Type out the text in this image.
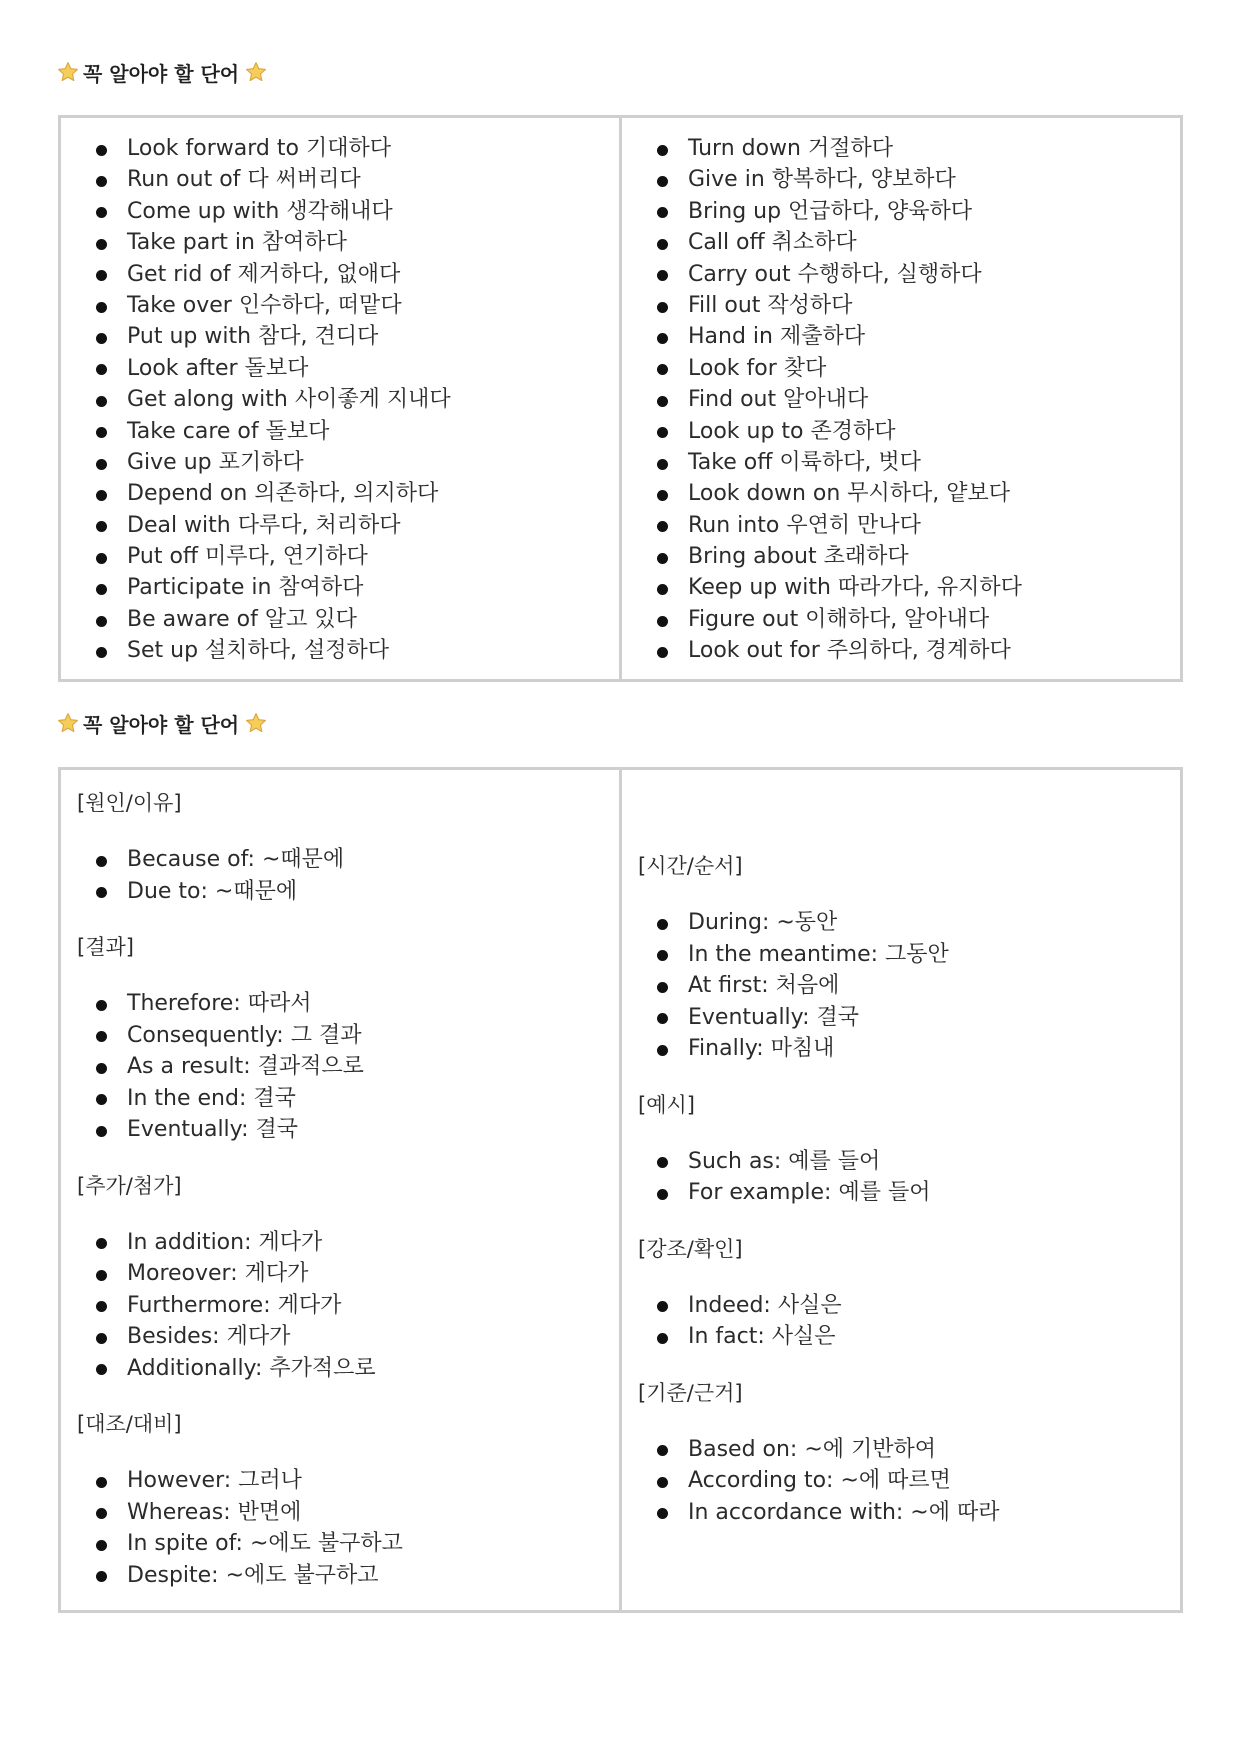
꼭 알아야 할 단어
Look forward to 기대하다
Run out of 다 써버리다
Come up with 생각해내다
Take part in 참여하다
Get rid of 제거하다, 없애다
Take over 인수하다, 떠맡다
Put up with 참다, 견디다
Look after 돌보다
Get along with 사이좋게 지내다
Take care of 돌보다
Give up 포기하다
Depend on 의존하다, 의지하다
Deal with 다루다, 처리하다
Put off 미루다, 연기하다
Participate in 참여하다
Be aware of 알고 있다
Set up 설치하다, 설정하다
Turn down 거절하다
Give in 항복하다, 양보하다
Bring up 언급하다, 양육하다
Call off 취소하다
Carry out 수행하다, 실행하다
Fill out 작성하다
Hand in 제출하다
Look for 찾다
Find out 알아내다
Look up to 존경하다
Take off 이륙하다, 벗다
Look down on 무시하다, 얕보다
Run into 우연히 만나다
Bring about 초래하다
Keep up with 따라가다, 유지하다
Figure out 이해하다, 알아내다
Look out for 주의하다, 경계하다
꼭 알아야 할 단어
[원인/이유]
Because of: ~때문에
Due to: ~때문에
[결과]
Therefore: 따라서
Consequently: 그 결과
As a result: 결과적으로
In the end: 결국
Eventually: 결국
[추가/첨가]
In addition: 게다가
Moreover: 게다가
Furthermore: 게다가
Besides: 게다가
Additionally: 추가적으로
[대조/대비]
However: 그러나
Whereas: 반면에
In spite of: ~에도 불구하고
Despite: ~에도 불구하고
[시간/순서]
During: ~동안
In the meantime: 그동안
At first: 처음에
Eventually: 결국
Finally: 마침내
[예시]
Such as: 예를 들어
For example: 예를 들어
[강조/확인]
Indeed: 사실은
In fact: 사실은
[기준/근거]
Based on: ~에 기반하여
According to: ~에 따르면
In accordance with: ~에 따라
